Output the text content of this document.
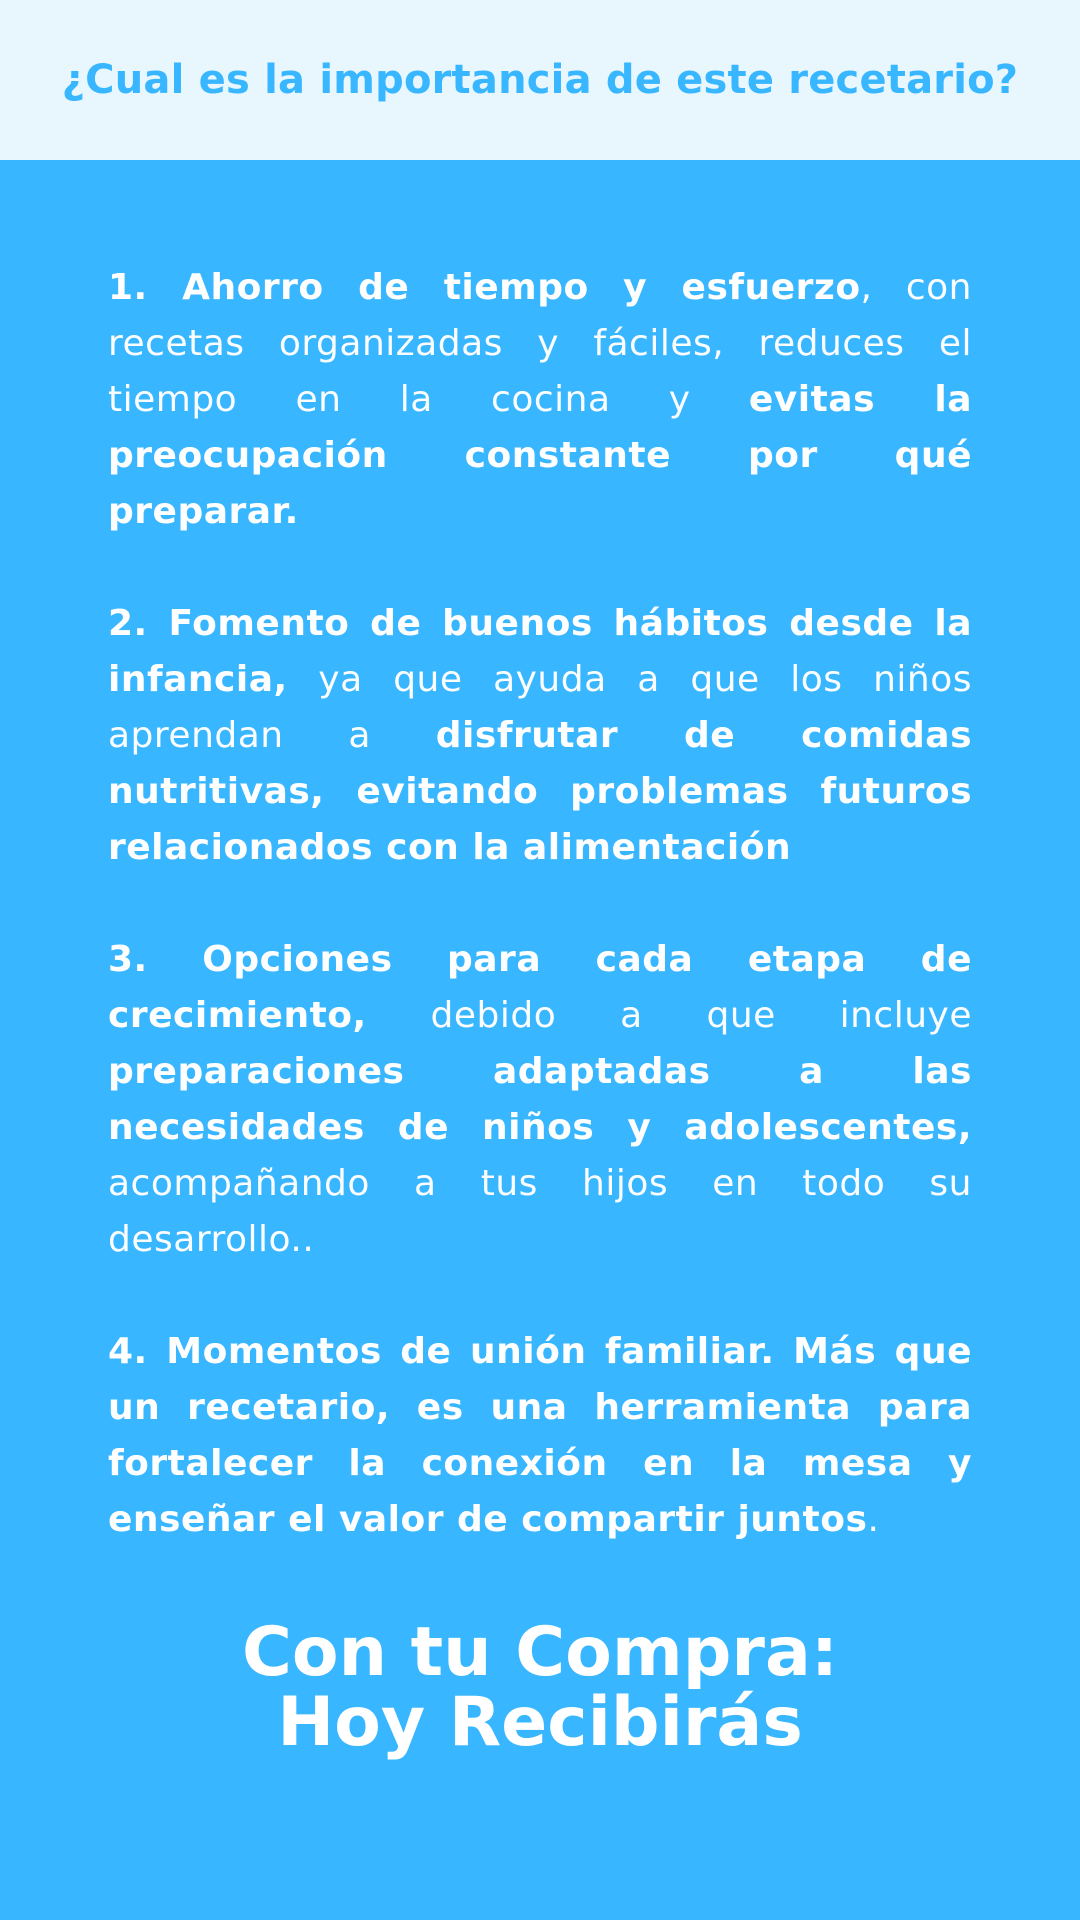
¿Cual es la importancia de este recetario?

1. Ahorro de tiempo y esfuerzo, con recetas organizadas y fáciles, reduces el tiempo en la cocina y evitas la preocupación constante por qué preparar.

2. Fomento de buenos hábitos desde la infancia, ya que ayuda a que los niños aprendan a disfrutar de comidas nutritivas, evitando problemas futuros relacionados con la alimentación

3. Opciones para cada etapa de crecimiento, debido a que incluye preparaciones adaptadas a las necesidades de niños y adolescentes, acompañando a tus hijos en todo su desarrollo..

4. Momentos de unión familiar. Más que un recetario, es una herramienta para fortalecer la conexión en la mesa y enseñar el valor de compartir juntos.

Con tu Compra:
Hoy Recibirás
